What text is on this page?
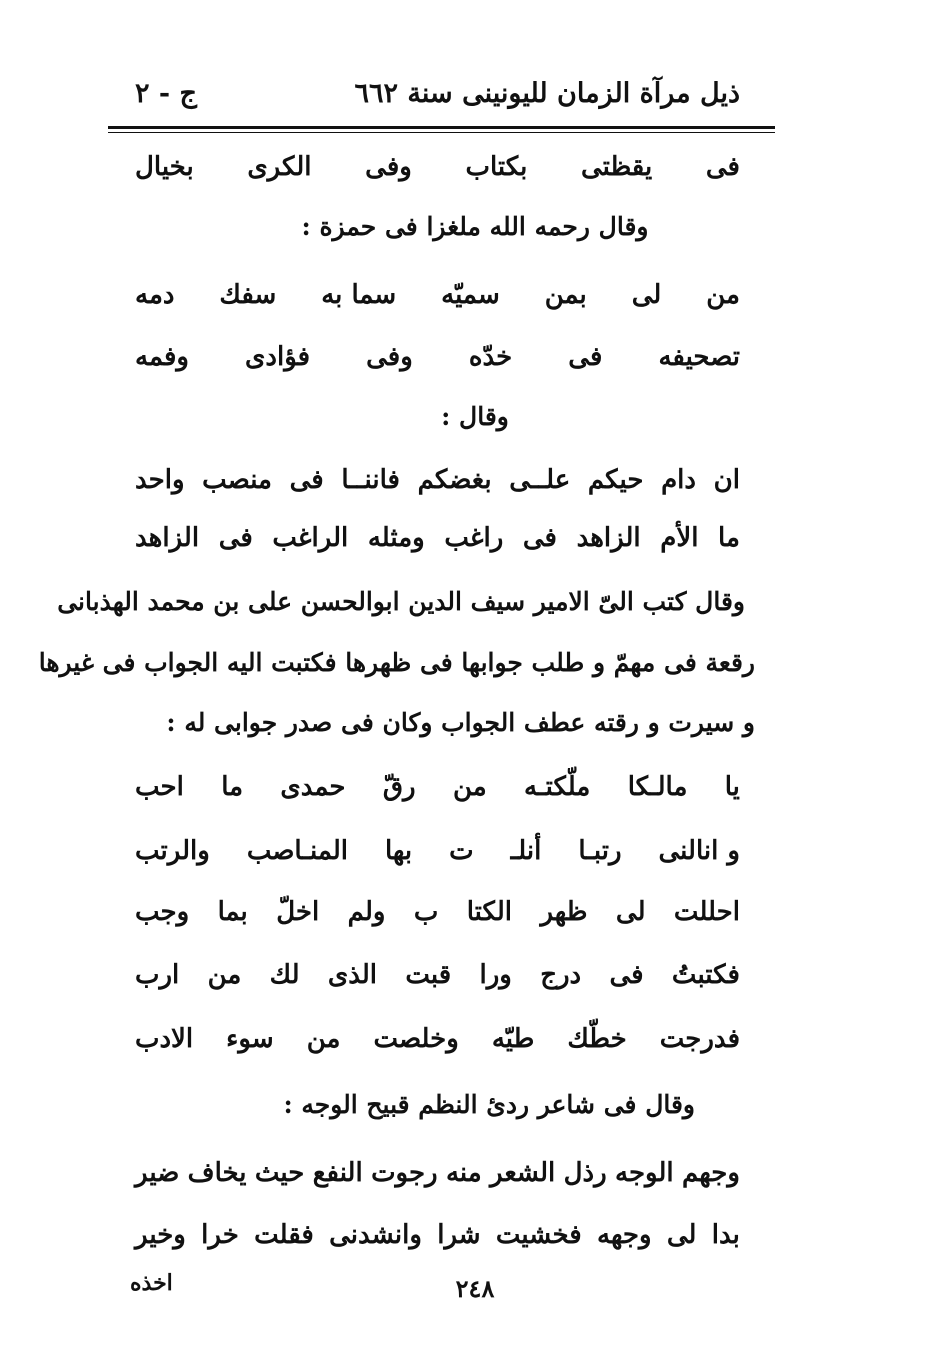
ذيل مرآة الزمان لليونينى سنة ٦٦٢
ج - ٢
فى
يقظتى
بكتاب
وفى
الكرى
بخيال
وقال رحمه الله ملغزا فى حمزة :
من
لى
بمن
سميّه
سما به
سفك
دمه
تصحيفه
فى
خدّه
وفى
فؤادى
وفمه
وقال :
ان
دام
حيكم
علــى
بغضكم
فاننــا
فى
منصب
واحد
ما
الأم
الزاهد
فى
راغب
ومثله
الراغب
فى
الزاهد
وقال كتب الىّ الامير سيف الدين ابوالحسن على بن محمد الهذبانى
رقعة فى مهمّ و طلب جوابها فى ظهرها فكتبت اليه الجواب فى غيرها
و سيرت و رقته عطف الجواب وكان فى صدر جوابى له :
يا
مالـكا
ملّكتـه
من
رقّ
حمدى
ما
احب
و انالنى
رتبـا
أنلـ
ت
بها
المنـاصب
والرتب
احللت
لى
ظهر
الكتا
ب
ولم
اخلّ
بما
وجب
فكتبتُ
فى
درج
ورا
قبت
الذى
لك
من
ارب
فدرجت
خطّك
طيّه
وخلصت
من
سوء
الادب
وقال فى شاعر ردئ النظم قبيح الوجه :
وجهم
الوجه
رذل
الشعر
منه
رجوت
النفع
حيث
يخاف
ضير
بدا
لى
وجهه
فخشيت
شرا
وانشدنى
فقلت
خرا
وخير
اخذه	٢٤٨
